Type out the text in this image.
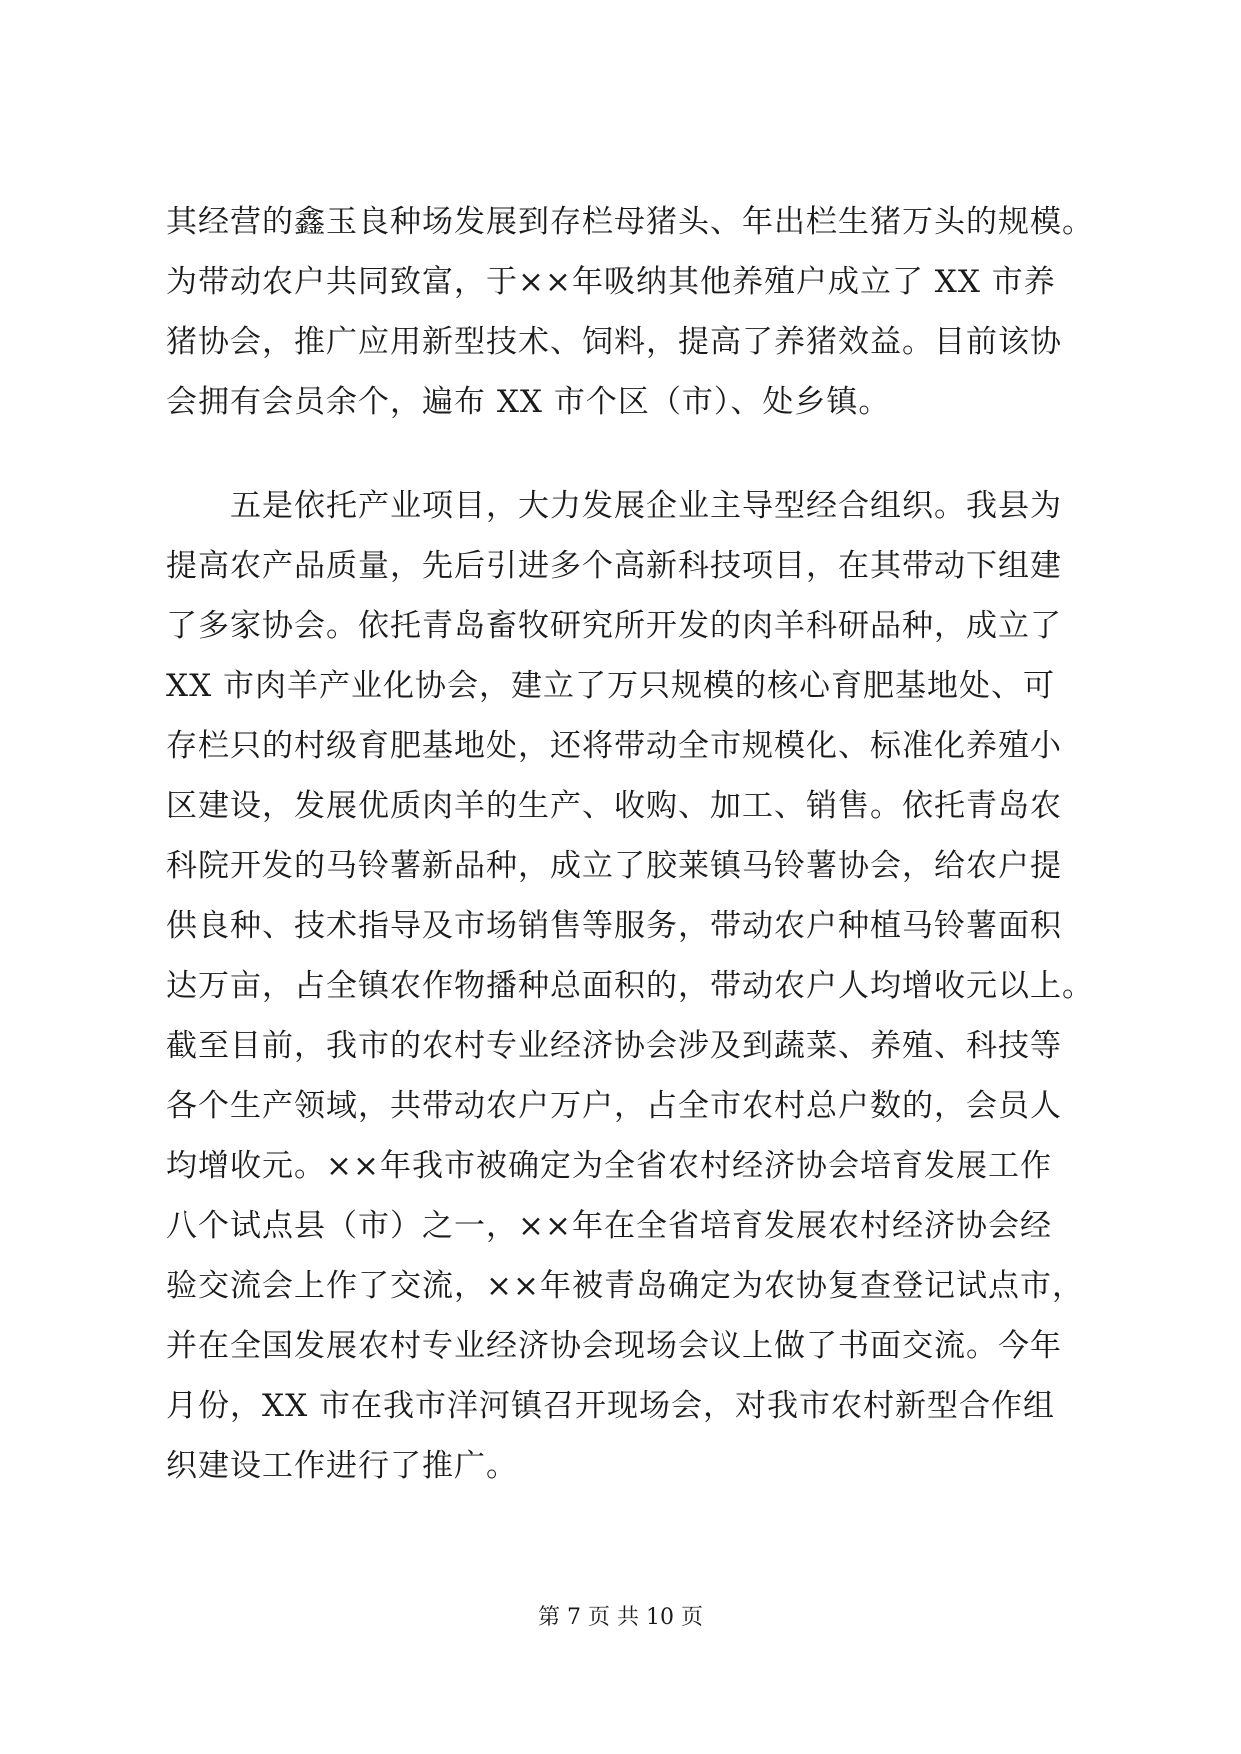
其经营的鑫玉良种场发展到存栏母猪头、年出栏生猪万头的规模。
为带动农户共同致富，于××年吸纳其他养殖户成立了 XX 市养
猪协会，推广应用新型技术、饲料，提高了养猪效益。目前该协
会拥有会员余个，遍布 XX 市个区（市）、处乡镇。
五是依托产业项目，大力发展企业主导型经合组织。我县为
提高农产品质量，先后引进多个高新科技项目，在其带动下组建
了多家协会。依托青岛畜牧研究所开发的肉羊科研品种，成立了
XX 市肉羊产业化协会，建立了万只规模的核心育肥基地处、可
存栏只的村级育肥基地处，还将带动全市规模化、标准化养殖小
区建设，发展优质肉羊的生产、收购、加工、销售。依托青岛农
科院开发的马铃薯新品种，成立了胶莱镇马铃薯协会，给农户提
供良种、技术指导及市场销售等服务，带动农户种植马铃薯面积
达万亩，占全镇农作物播种总面积的，带动农户人均增收元以上。
截至目前，我市的农村专业经济协会涉及到蔬菜、养殖、科技等
各个生产领域，共带动农户万户，占全市农村总户数的，会员人
均增收元。××年我市被确定为全省农村经济协会培育发展工作
八个试点县（市）之一，××年在全省培育发展农村经济协会经
验交流会上作了交流，××年被青岛确定为农协复查登记试点市，
并在全国发展农村专业经济协会现场会议上做了书面交流。今年
月份，XX 市在我市洋河镇召开现场会，对我市农村新型合作组
织建设工作进行了推广。
第 7 页 共 10 页
